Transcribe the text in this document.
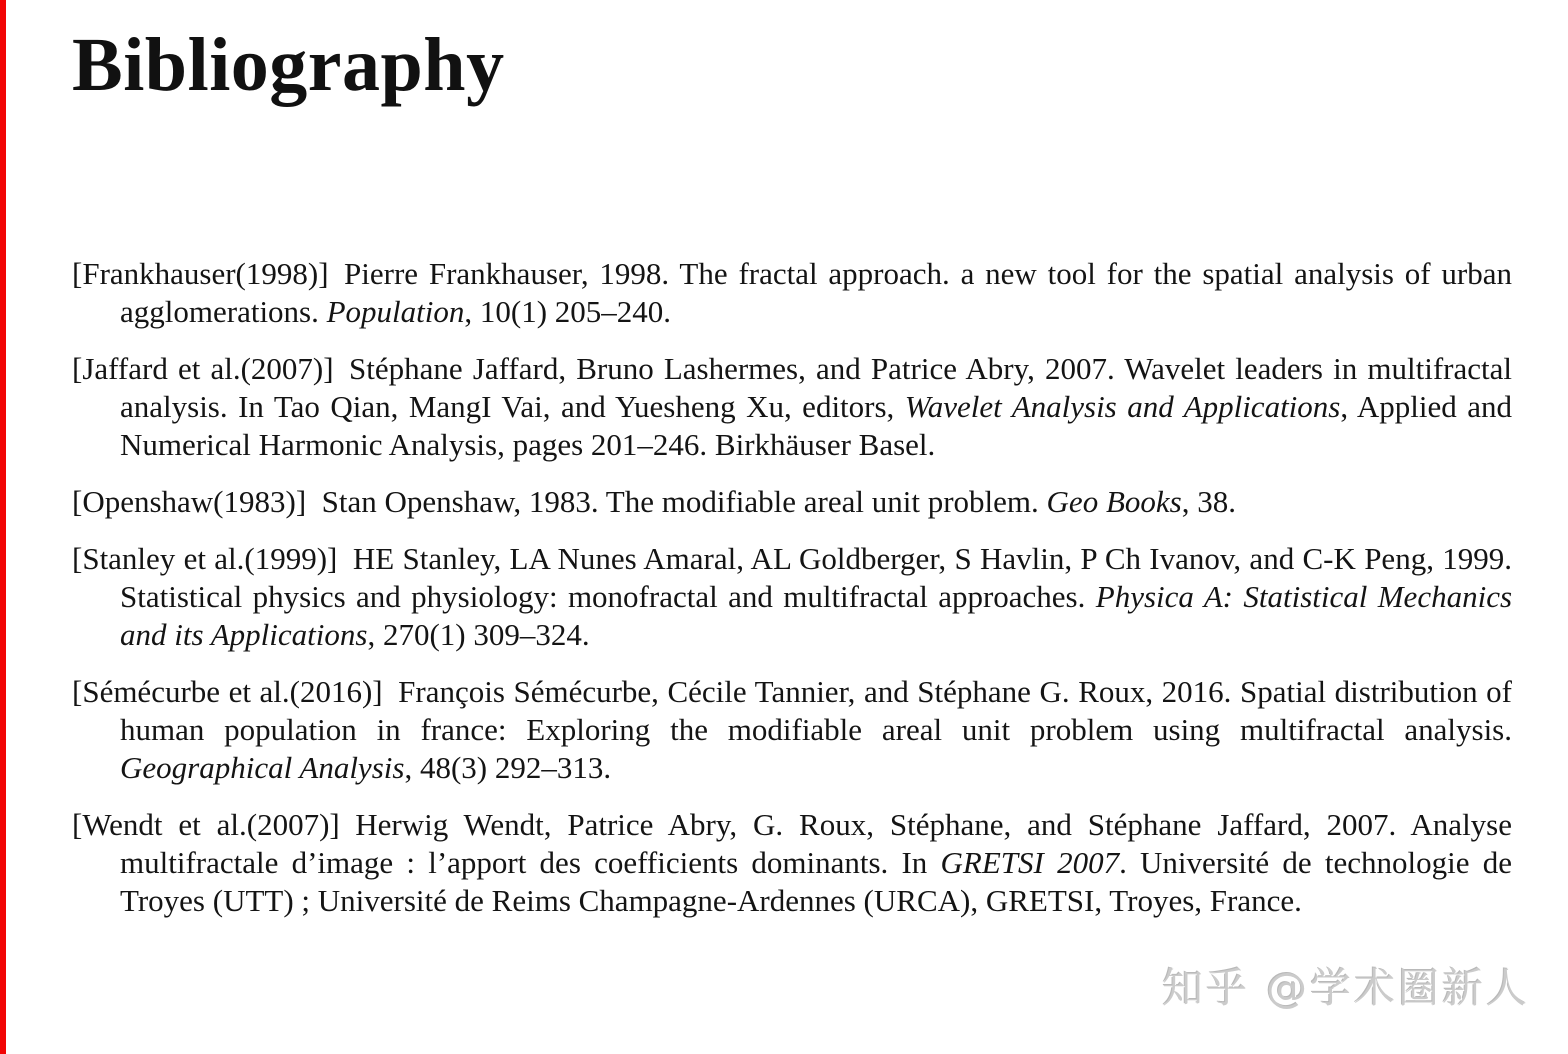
Bibliography

[Frankhauser(1998)] Pierre Frankhauser, 1998. The fractal approach. a new tool for the spatial analysis of urban agglomerations. Population, 10(1) 205–240.

[Jaffard et al.(2007)] Stéphane Jaffard, Bruno Lashermes, and Patrice Abry, 2007. Wavelet leaders in multifractal analysis. In Tao Qian, MangI Vai, and Yuesheng Xu, editors, Wavelet Analysis and Applications, Applied and Numerical Harmonic Analysis, pages 201–246. Birkhäuser Basel.

[Openshaw(1983)] Stan Openshaw, 1983. The modifiable areal unit problem. Geo Books, 38.

[Stanley et al.(1999)] HE Stanley, LA Nunes Amaral, AL Goldberger, S Havlin, P Ch Ivanov, and C-K Peng, 1999. Statistical physics and physiology: monofractal and multifractal approaches. Physica A: Statistical Mechanics and its Applications, 270(1) 309–324.

[Sémécurbe et al.(2016)] François Sémécurbe, Cécile Tannier, and Stéphane G. Roux, 2016. Spatial distribution of human population in france: Exploring the modifiable areal unit problem using multifractal analysis. Geographical Analysis, 48(3) 292–313.

[Wendt et al.(2007)] Herwig Wendt, Patrice Abry, G. Roux, Stéphane, and Stéphane Jaffard, 2007. Analyse multifractale d’image : l’apport des coefficients dominants. In GRETSI 2007. Université de technologie de Troyes (UTT) ; Université de Reims Champagne-Ardennes (URCA), GRETSI, Troyes, France.

知乎 @学术圈新人
